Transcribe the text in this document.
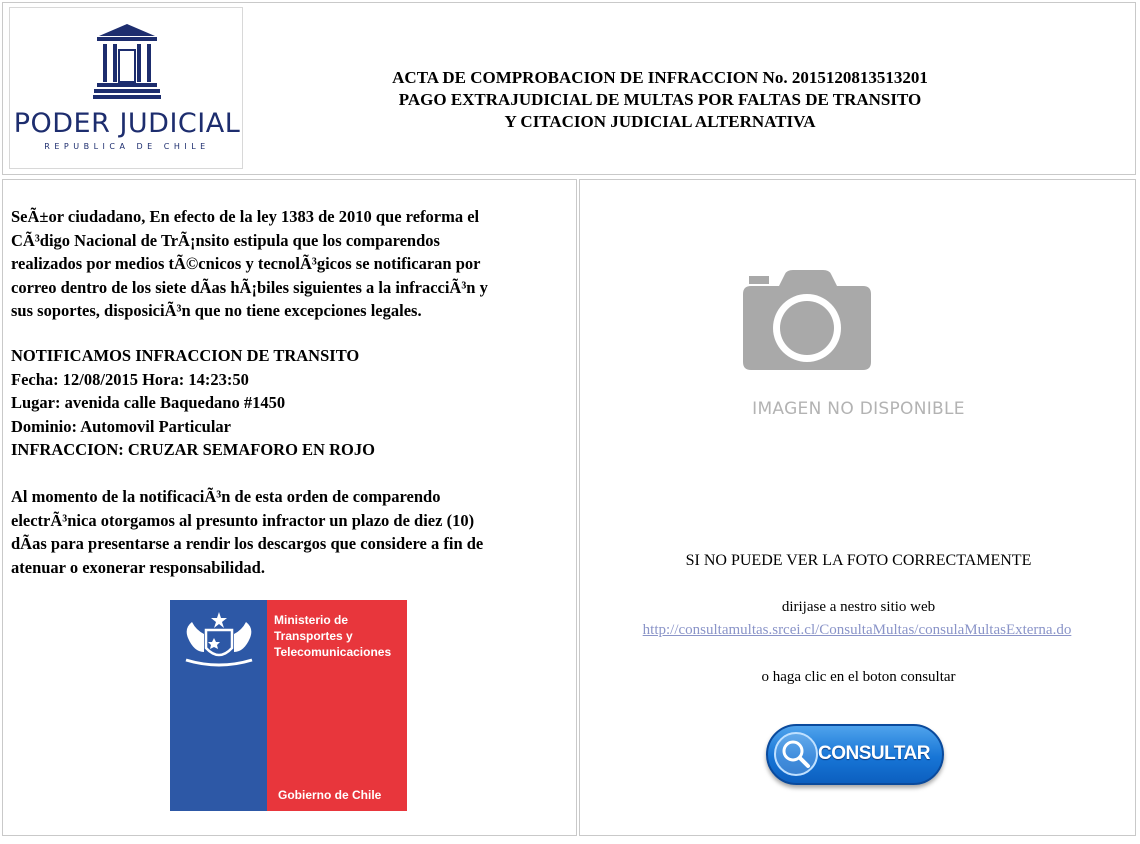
PODER JUDICIAL
REPUBLICA DE CHILE
ACTA DE COMPROBACION DE INFRACCION No. 2015120813513201
PAGO EXTRAJUDICIAL DE MULTAS POR FALTAS DE TRANSITO
Y CITACION JUDICIAL ALTERNATIVA
SeÃ±or ciudadano, En efecto de la ley 1383 de 2010 que reforma el
CÃ³digo Nacional de TrÃ¡nsito estipula que los comparendos
realizados por medios tÃ©cnicos y tecnolÃ³gicos se notificaran por
correo dentro de los siete dÃas hÃ¡biles siguientes a la infracciÃ³n y
sus soportes, disposiciÃ³n que no tiene excepciones legales.
NOTIFICAMOS INFRACCION DE TRANSITO
Fecha: 12/08/2015 Hora: 14:23:50
Lugar: avenida calle Baquedano #1450
Dominio: Automovil Particular
INFRACCION: CRUZAR SEMAFORO EN ROJO
Al momento de la notificaciÃ³n de esta orden de comparendo
electrÃ³nica otorgamos al presunto infractor un plazo de diez (10)
dÃas para presentarse a rendir los descargos que considere a fin de
atenuar o exonerar responsabilidad.
Ministerio de
Transportes y
Telecomunicaciones
Gobierno de Chile
IMAGEN NO DISPONIBLE
SI NO PUEDE VER LA FOTO CORRECTAMENTE
dirijase a nestro sitio web
http://consultamultas.srcei.cl/ConsultaMultas/consulaMultasExterna.do
o haga clic en el boton consultar
CONSULTAR
